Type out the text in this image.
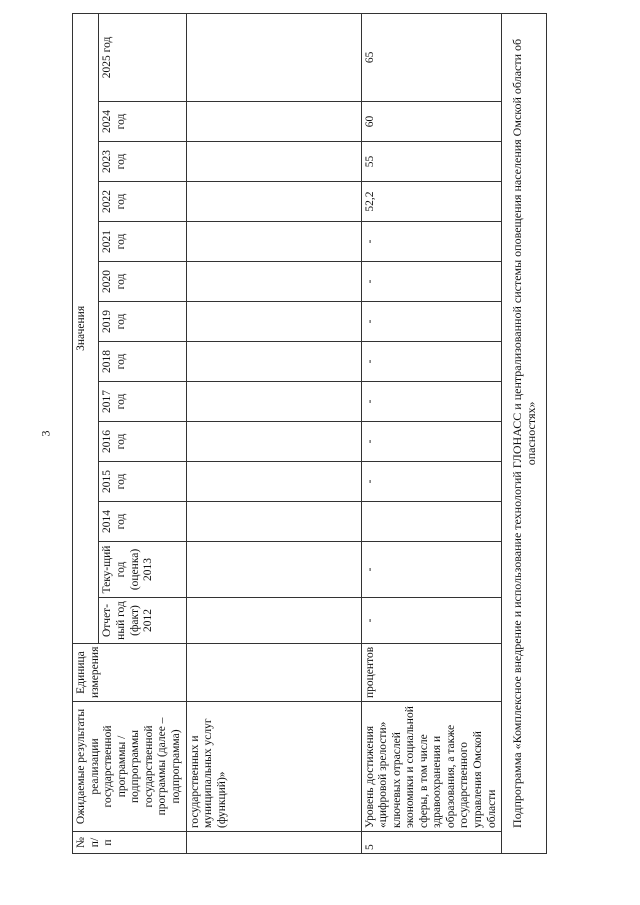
3
№ п/п	Ожидаемые результаты реализации государственной программы / подпрограммы государственной программы (далее – подпрограмма)	Единица измерения	Значения													
			Отчет-ный год (факт) 2012	Теку-щий год (оценка) 2013	2014 год	2015 год	2016 год	2017 год	2018 год	2019 год	2020 год	2021 год	2022 год	2023 год	2024 год	2025 год
	государственных и муниципальных услуг (функций)»															
5	Уровень достижения «цифровой зрелости» ключевых отраслей экономики и социальной сферы, в том числе здравоохранения и образования, а также государственного управления Омской области	процентов	-	-		-	-	-	-	-	-	-	52,2	55	60	65
Подпрограмма «Комплексное внедрение и использование технологий ГЛОНАСС и централизованной системы оповещения населения Омской области об опасностях»																
